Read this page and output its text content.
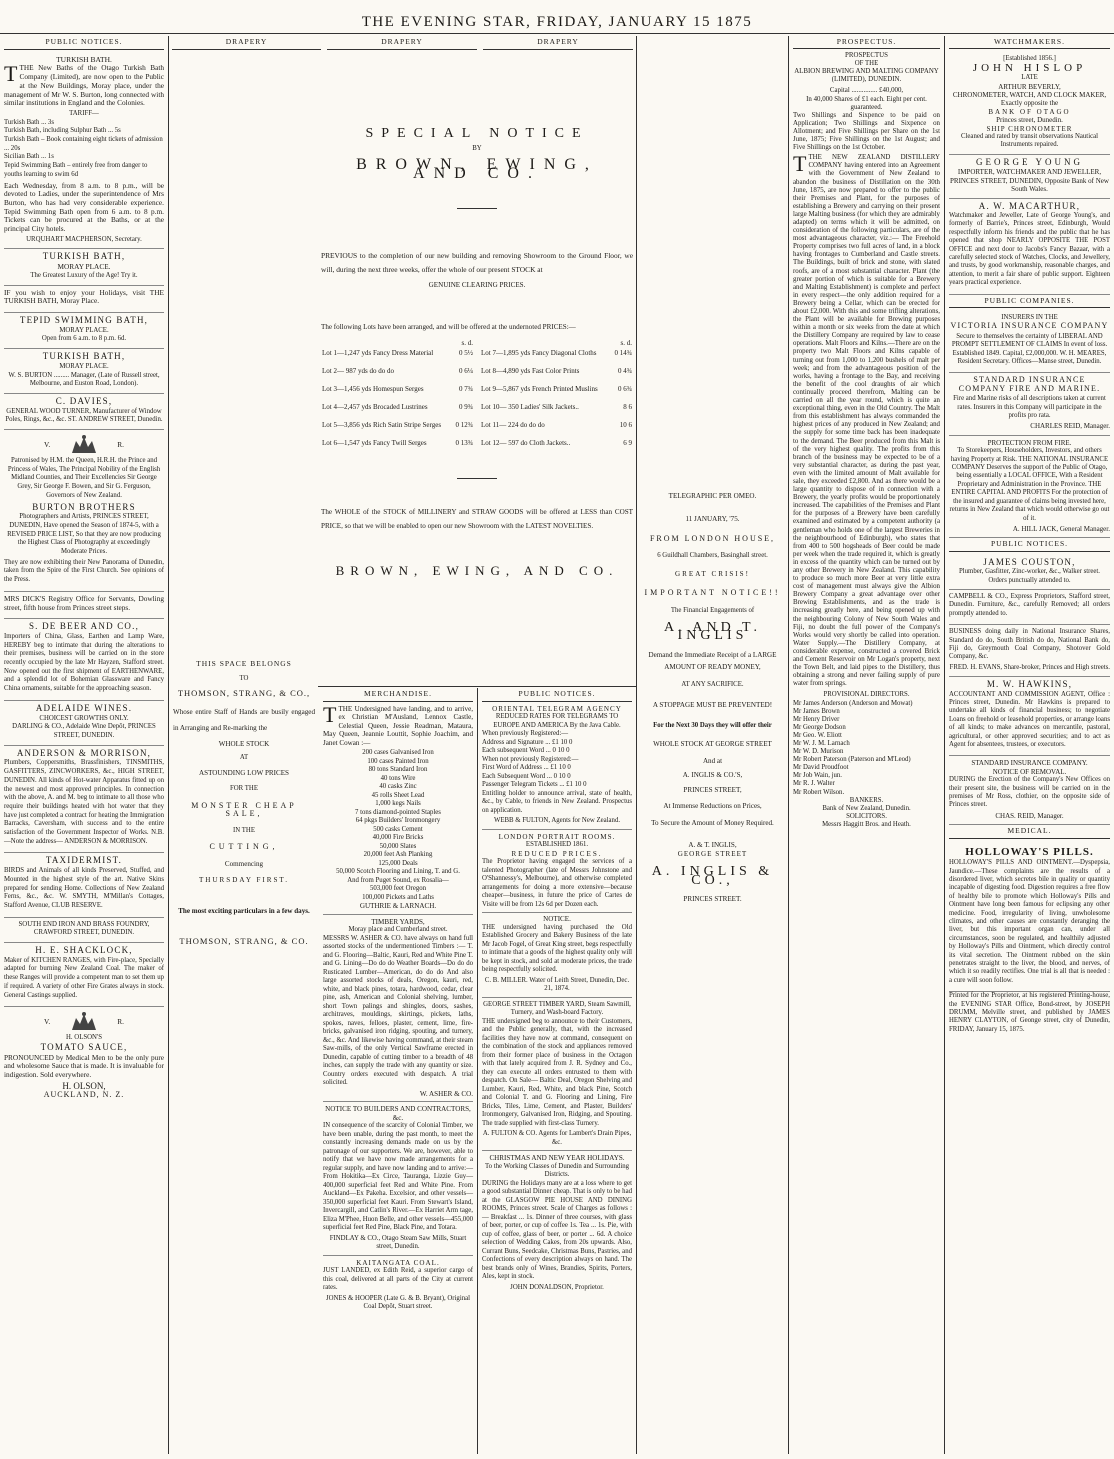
THE EVENING STAR, FRIDAY, JANUARY 15 1875
PUBLIC NOTICES.
TURKISH BATH.

TTHE New Baths of the Otago Turkish Bath Company (Limited), are now open to the Public at the New Buildings, Moray place, under the management of Mr W. S. Burton, long connected with similar institutions in England and the Colonies.

TARIFF—
Turkish Bath ... 3s
Turkish Bath, including Sulphur Bath ... 5s
Turkish Bath – Book containing eight tickets of admission ... 20s
Sicilian Bath ... 1s
Tepid Swimming Bath – entirely free from danger to youths learning to swim 6d

Each Wednesday, from 8 a.m. to 8 p.m., will be devoted to Ladies, under the superintendence of Mrs Burton, who has had very considerable experience. Tepid Swimming Bath open from 6 a.m. to 8 p.m. Tickets can be procured at the Baths, or at the principal City hotels.

URQUHART MACPHERSON, Secretary.
TURKISH BATH,
MORAY PLACE.
The Greatest Luxury of the Age! Try it.

IF you wish to enjoy your Holidays, visit THE TURKISH BATH, Moray Place.

TEPID SWIMMING BATH,
MORAY PLACE.
Open from 6 a.m. to 8 p.m. 6d.
TURKISH BATH,
MORAY PLACE.
W. S. BURTON ......... Manager, (Late of Russell street, Melbourne, and Euston Road, London).
C. DAVIES,
GENERAL WOOD TURNER, Manufacturer of Window Poles, Rings, &c., &c. ST. ANDREW STREET, Dunedin.
V.	R.

Patronised by H.M. the Queen, H.R.H. the Prince and Princess of Wales, The Principal Nobility of the English Midland Counties, and Their Excellencies Sir George Grey, Sir George F. Bowen, and Sir G. Ferguson, Governors of New Zealand.

BURTON BROTHERS

Photographers and Artists, PRINCES STREET, DUNEDIN, Have opened the Season of 1874-5, with a REVISED PRICE LIST, So that they are now producing the Highest Class of Photography at exceedingly Moderate Prices.

They are now exhibiting their New Panorama of Dunedin, taken from the Spire of the First Church. See opinions of the Press.

MRS DICK'S Registry Office for Servants, Dowling street, fifth house from Princes street steps.

S. DE BEER AND CO.,

Importers of China, Glass, Earthen and Lamp Ware, HEREBY beg to intimate that during the alterations to their premises, business will be carried on in the store recently occupied by the late Mr Hayzen, Stafford street. Now opened out the first shipment of EARTHENWARE, and a splendid lot of Bohemian Glassware and Fancy China ornaments, suitable for the approaching season.

ADELAIDE WINES.
CHOICEST GROWTHS ONLY.
DARLING & CO., Adelaide Wine Depôt, PRINCES STREET, DUNEDIN.
ANDERSON & MORRISON,

Plumbers, Coppersmiths, Brassfinishers, TINSMITHS, GASFITTERS, ZINCWORKERS, &c., HIGH STREET, DUNEDIN. All kinds of Hot-water Apparatus fitted up on the newest and most approved principles. In connection with the above, A. and M. beg to intimate to all those who require their buildings heated with hot water that they have just completed a contract for heating the Immigration Barracks, Caversham, with success and to the entire satisfaction of the Government Inspector of Works. N.B.—Note the address— ANDERSON & MORRISON.

TAXIDERMIST.

BIRDS and Animals of all kinds Preserved, Stuffed, and Mounted in the highest style of the art. Native Skins prepared for sending Home. Collections of New Zealand Ferns, &c., &c. W. SMYTH, M'Millan's Cottages, Stafford Avenue, CLUB RESERVE.

SOUTH END IRON AND BRASS FOUNDRY,
CRAWFORD STREET, DUNEDIN.
H. E. SHACKLOCK,

Maker of KITCHEN RANGES, with Fire-place, Specially adapted for burning New Zealand Coal. The maker of these Ranges will provide a competent man to set them up if required. A variety of other Fire Grates always in stock. General Castings supplied.

V.	R.
H. OLSON'S
TOMATO SAUCE,

PRONOUNCED by Medical Men to be the only pure and wholesome Sauce that is made. It is invaluable for indigestion. Sold everywhere.

H. OLSON,
AUCKLAND, N. Z.
DRAPERY	DRAPERY	DRAPERY
SPECIAL NOTICE
BY
BROWN, EWING, AND CO.

PREVIOUS to the completion of our new building and removing Showroom to the Ground Floor, we will, during the next three weeks, offer the whole of our present STOCK at

GENUINE CLEARING PRICES.

The following Lots have been arranged, and will be offered at the undernoted PRICES:—

	s. d.
Lot 1—1,247 yds Fancy Dress Material	0 5½
Lot 2— 987 yds do do do	0 6¼
Lot 3—1,456 yds Homespun Serges	0 7¾
Lot 4—2,457 yds Brocaded Lustrines	0 9¾
Lot 5—3,856 yds Rich Satin Stripe Serges	0 12¾
Lot 6—1,547 yds Fancy Twill Serges	0 13¾
	s. d.
Lot 7—1,895 yds Fancy Diagonal Cloths	0 14¾
Lot 8—4,890 yds Fast Color Prints	0 4¾
Lot 9—5,867 yds French Printed Muslins	0 6¾
Lot 10— 350 Ladies' Silk Jackets..	8 6
Lot 11— 224 do do do	10 6
Lot 12— 597 do Cloth Jackets..	6 9

The WHOLE of the STOCK of MILLINERY and STRAW GOODS will be offered at LESS than COST PRICE, so that we will be enabled to open our new Showroom with the LATEST NOVELTIES.

BROWN, EWING, AND CO.
THIS SPACE BELONGS
TO
THOMSON, STRANG, & CO.,

Whose entire Staff of Hands are busily engaged in Arranging and Re-marking the

WHOLE STOCK
AT
ASTOUNDING LOW PRICES
FOR THE
MONSTER CHEAP SALE,
IN THE
CUTTING,
Commencing
THURSDAY FIRST.
The most exciting particulars in a few days.
THOMSON, STRANG, & CO.
MERCHANDISE.

TTHE Undersigned have landing, and to arrive, ex Christian M'Ausland, Lennox Castle, Celestial Queen, Jessie Readman, Mataura, May Queen, Jeannie Louttit, Sophie Joachim, and Janet Cowan :—

200 cases Galvanised Iron
100 cases Painted Iron
80 tons Standard Iron
40 tons Wire
40 casks Zinc
45 rolls Sheet Lead
1,000 kegs Nails
7 tons diamond-pointed Staples
64 pkgs Builders' Ironmongery
500 casks Cement
40,000 Fire Bricks
50,000 Slates
20,000 feet Ash Planking
125,000 Deals
50,000 Scotch Flooring and Lining, T. and G.
And from Puget Sound, ex Rosalia—
503,000 feet Oregon
100,000 Pickets and Laths
GUTHRIE & LARNACH.
TIMBER YARDS,
Moray place and Cumberland street.

MESSRS W. ASHER & CO. have always on hand full assorted stocks of the undermentioned Timbers :— T. and G. Flooring—Baltic, Kauri, Red and White Pine T. and G. Lining—Do do do Weather Boards—Do do do Rusticated Lumber—American, do do do And also large assorted stocks of deals, Oregon, kauri, red, white, and black pines, totara, hardwood, cedar, clear pine, ash, American and Colonial shelving, lumber, short Town palings and shingles, doors, sashes, architraves, mouldings, skirtings, pickets, laths, spokes, naves, felloes, plaster, cement, lime, fire-bricks, galvanised iron ridging, spouting, and turnery, &c., &c. And likewise having command, at their steam Saw-mills, of the only Vertical Sawframe erected in Dunedin, capable of cutting timber to a breadth of 48 inches, can supply the trade with any quantity or size. Country orders executed with despatch. A trial solicited.

W. ASHER & CO.
NOTICE TO BUILDERS AND CONTRACTORS, &c.

IN consequence of the scarcity of Colonial Timber, we have been unable, during the past month, to meet the constantly increasing demands made on us by the patronage of our supporters. We are, however, able to notify that we have now made arrangements for a regular supply, and have now landing and to arrive:— From Hokitika—Ex Circe, Tauranga, Lizzie Guy—400,000 superficial feet Red and White Pine. From Auckland—Ex Pakeha. Excelsior, and other vessels—350,000 superficial feet Kauri. From Stewart's Island, Invercargill, and Catlin's River.—Ex Harriet Arm tage, Eliza M'Phee, Huon Belle, and other vessels—455,000 superficial feet Red Pine, Black Pine, and Totara.

FINDLAY & CO., Otago Steam Saw Mills, Stuart street, Dunedin.
KAITANGATA COAL.

JUST LANDED, ex Edith Reid, a superior cargo of this coal, delivered at all parts of the City at current rates.

JONES & HOOPER (Late G. & B. Bryant), Original Coal Depôt, Stuart street.
PUBLIC NOTICES.
ORIENTAL TELEGRAM AGENCY
REDUCED RATES FOR TELEGRAMS TO EUROPE AND AMERICA By the Java Cable.
When previously Registered:—
Address and Signature ... £1 10 0
Each subsequent Word ... 0 10 0
When not previously Registered:—
First Word of Address ... £1 10 0
Each Subsequent Word ... 0 10 0
Passenger Telegram Tickets ... £1 10 0

Entitling holder to announce arrival, state of health, &c., by Cable, to friends in New Zealand. Prospectus on application.

WEBB & FULTON, Agents for New Zealand.
LONDON PORTRAIT ROOMS.
ESTABLISHED 1861.
REDUCED PRICES.

The Proprietor having engaged the services of a talented Photographer (late of Messrs Johnstone and O'Shannessy's, Melbourne), and otherwise completed arrangements for doing a more extensive—because cheaper—business, in future the price of Cartes de Visite will be from 12s 6d per Dozen each.

NOTICE.

THE undersigned having purchased the Old Established Grocery and Bakery Business of the late Mr Jacob Fogel, of Great King street, begs respectfully to intimate that a goods of the highest quality only will be kept in stock, and sold at moderate prices, the trade being respectfully solicited.

C. B. MILLER. Water of Leith Street, Dunedin, Dec. 21, 1874.
GEORGE STREET TIMBER YARD, Steam Sawmill, Turnery, and Wash-board Factory.

THE undersigned beg to announce to their Customers, and the Public generally, that, with the increased facilities they have now at command, consequent on the combination of the stock and appliances removed from their former place of business in the Octagon with that lately acquired from J. R. Sydney and Co., they can execute all orders entrusted to them with despatch. On Sale— Baltic Deal, Oregon Shelving and Lumber, Kauri, Red, White, and black Pine, Scotch and Colonial T. and G. Flooring and Lining, Fire Bricks, Tiles, Lime, Cement, and Plaster, Builders' Ironmongery, Galvanised Iron, Ridging, and Spouting. The trade supplied with first-class Turnery.

A. FULTON & CO. Agents for Lambert's Drain Pipes, &c.
CHRISTMAS AND NEW YEAR HOLIDAYS.
To the Working Classes of Dunedin and Surrounding Districts.

DURING the Holidays many are at a loss where to get a good substantial Dinner cheap. That is only to be had at the GLASGOW PIE HOUSE AND DINING ROOMS, Princes street. Scale of Charges as follows :— Breakfast ... 1s. Dinner of three courses, with glass of beer, porter, or cup of coffee 1s. Tea ... 1s. Pie, with cup of coffee, glass of beer, or porter ... 6d. A choice selection of Wedding Cakes, from 20s upwards. Also, Currant Buns, Seedcake, Christmas Buns, Pastries, and Confections of every description always on hand. The best brands only of Wines, Brandies, Spirits, Porters, Ales, kept in stock.

JOHN DONALDSON, Proprietor.
TELEGRAPHIC PER OMEO.
11 JANUARY, '75.
FROM LONDON HOUSE,
6 Guildhall Chambers, Basinghall street.
GREAT CRISIS!
IMPORTANT NOTICE!!
The Financial Engagements of
A. AND T. INGLIS
Demand the Immediate Receipt of a LARGE AMOUNT OF READY MONEY,
AT ANY SACRIFICE.
A STOPPAGE MUST BE PREVENTED!
For the Next 30 Days they will offer their
WHOLE STOCK AT GEORGE STREET
And at
A. INGLIS & CO.'S,
PRINCES STREET,
At Immense Reductions on Prices,
To Secure the Amount of Money Required.
A. & T. INGLIS,
GEORGE STREET
A. INGLIS & CO.,
PRINCES STREET.
PROSPECTUS.
PROSPECTUS
OF THE
ALBION BREWING AND MALTING COMPANY (LIMITED), DUNEDIN.
Capital ............... £40,000,
In 40,000 Shares of £1 each. Eight per cent. guaranteed.

Two Shillings and Sixpence to be paid on Application; Two Shillings and Sixpence on Allotment; and Five Shillings per Share on the 1st June, 1875; Five Shillings on the 1st August; and Five Shillings on the 1st October.

TTHE NEW ZEALAND DISTILLERY COMPANY having entered into an Agreement with the Government of New Zealand to abandon the business of Distillation on the 30th June, 1875, are now prepared to offer to the public their Premises and Plant, for the purposes of establishing a Brewery and carrying on their present large Malting business (for which they are admirably adapted) on terms which it will be admitted, on consideration of the following particulars, are of the most advantageous character, viz.:— The Freehold Property comprises two full acres of land, in a block having frontages to Cumberland and Castle streets. The Buildings, built of brick and stone, with slated roofs, are of a most substantial character. Plant (the greater portion of which is suitable for a Brewery and Malting Establishment) is complete and perfect in every respect—the only addition required for a Brewery being a Cellar, which can be erected for about £2,000. With this and some trifling alterations, the Plant will be available for Brewing purposes within a month or six weeks from the date at which the Distillery Company are required by law to cease operations. Malt Floors and Kilns.—There are on the property two Malt Floors and Kilns capable of turning out from 1,000 to 1,200 bushels of malt per week; and from the advantageous position of the works, having a frontage to the Bay, and receiving the benefit of the cool draughts of air which continually proceed therefrom, Malting can be carried on all the year round, which is quite an exceptional thing, even in the Old Country. The Malt from this establishment has always commanded the highest prices of any produced in New Zealand; and the supply for some time back has been inadequate to the demand. The Beer produced from this Malt is of the very highest quality. The profits from this branch of the business may be expected to be of a very substantial character, as during the past year, even with the limited amount of Malt available for sale, they exceeded £2,800. And as there would be a large quantity to dispose of in connection with a Brewery, the yearly profits would be proportionately increased. The capabilities of the Premises and Plant for the purposes of a Brewery have been carefully examined and estimated by a competent authority (a gentleman who holds one of the largest Breweries in the neighbourhood of Edinburgh), who states that from 400 to 500 hogsheads of Beer could be made per week when the trade required it, which is greatly in excess of the quantity which can be turned out by any other Brewery in New Zealand. This capability to produce so much more Beer at very little extra cost of management must always give the Albion Brewery Company a great advantage over other Brewing Establishments, and as the trade is increasing greatly here, and being opened up with the neighbouring Colony of New South Wales and Fiji, no doubt the full power of the Company's Works would very shortly be called into operation. Water Supply.—The Distillery Company, at considerable expense, constructed a covered Brick and Cement Reservoir on Mr Logan's property, next the Town Belt, and laid pipes to the Distillery, thus obtaining a strong and never failing supply of pure water from springs.

PROVISIONAL DIRECTORS.
Mr James Anderson (Anderson and Mowat)
Mr James Brown
Mr Henry Driver
Mr George Dodson
Mr Geo. W. Eliott
Mr W. J. M. Larnach
Mr W. D. Murison
Mr Robert Paterson (Paterson and M'Leod)
Mr David Proudfoot
Mr Job Wain, jun.
Mr R. J. Walter
Mr Robert Wilson.
BANKERS.
Bank of New Zealand, Dunedin.
SOLICITORS.
Messrs Haggitt Bros. and Heath.
WATCHMAKERS.
[Established 1856.]
JOHN HISLOP
LATE
ARTHUR BEVERLY,
CHRONOMETER, WATCH, AND CLOCK MAKER, Exactly opposite the
BANK OF OTAGO
Princes street, Dunedin.
SHIP CHRONOMETER
Cleaned and rated by transit observations Nautical Instruments repaired.
GEORGE YOUNG
IMPORTER, WATCHMAKER AND JEWELLER, PRINCES STREET, DUNEDIN, Opposite Bank of New South Wales.
A. W. MACARTHUR,

Watchmaker and Jeweller, Late of George Young's, and formerly of Barrie's, Princes street, Edinburgh, Would respectfully inform his friends and the public that he has opened that shop NEARLY OPPOSITE THE POST OFFICE and next door to Jacobs's Fancy Bazaar, with a carefully selected stock of Watches, Clocks, and Jewellery, and trusts, by good workmanship, reasonable charges, and attention, to merit a fair share of public support. Eighteen years practical experience.

PUBLIC COMPANIES.
INSURERS IN THE
VICTORIA INSURANCE COMPANY

Secure to themselves the certainty of LIBERAL AND PROMPT SETTLEMENT OF CLAIMS In event of loss. Established 1849. Capital, £2,000,000. W. H. MEARES, Resident Secretary. Offices—Manse street, Dunedin.

STANDARD INSURANCE COMPANY FIRE AND MARINE.

Fire and Marine risks of all descriptions taken at current rates. Insurers in this Company will participate in the profits pro rata.

CHARLES REID, Manager.
PROTECTION FROM FIRE.

To Storekeepers, Householders, Investors, and others having Property at Risk. THE NATIONAL INSURANCE COMPANY Deserves the support of the Public of Otago, being essentially a LOCAL OFFICE, With a Resident Proprietary and Administration in the Province. THE ENTIRE CAPITAL AND PROFITS For the protection of the insured and guarantee of claims being invested here, returns in New Zealand that which would otherwise go out of it.

A. HILL JACK, General Manager.
PUBLIC NOTICES.
JAMES COUSTON,
Plumber, Gasfitter, Zinc-worker, &c., Walker street. Orders punctually attended to.

CAMPBELL & CO., Express Proprietors, Stafford street, Dunedin. Furniture, &c., carefully Removed; all orders promptly attended to.

BUSINESS doing daily in National Insurance Shares, Standard do do, South British do do, National Bank do, Fiji do, Greymouth Coal Company, Shotover Gold Company, &c.

FRED. H. EVANS, Share-broker, Princes and High streets.
M. W. HAWKINS,

ACCOUNTANT AND COMMISSION AGENT, Office : Princes street, Dunedin. Mr Hawkins is prepared to undertake all kinds of financial business; to negotiate Loans on freehold or leasehold properties, or arrange loans of all kinds; to make advances on mercantile, pastoral, agricultural, or other approved securities; and to act as Agent for absentees, trustees, or executors.

STANDARD INSURANCE COMPANY.
NOTICE OF REMOVAL.

DURING the Erection of the Company's New Offices on their present site, the business will be carried on in the premises of Mr Ross, clothier, on the opposite side of Princes street.

CHAS. REID, Manager.
MEDICAL.
HOLLOWAY'S PILLS.

HOLLOWAY'S PILLS AND OINTMENT.—Dyspepsia, Jaundice.—These complaints are the results of a disordered liver, which secretes bile in quality or quantity incapable of digesting food. Digestion requires a free flow of healthy bile to promote which Holloway's Pills and Ointment have long been famous for eclipsing any other medicine. Food, irregularity of living, unwholesome climates, and other causes are constantly deranging the liver, but this important organ can, under all circumstances, soon be regulated, and healthily adjusted by Holloway's Pills and Ointment, which directly control its vital secretion. The Ointment rubbed on the skin penetrates straight to the liver, the blood, and nerves, of which it so readily rectifies. One trial is all that is needed : a cure will soon follow.

Printed for the Proprietor, at his registered Printing-house, the EVENING STAR Office, Bond-street, by JOSEPH DRUMM, Melville street, and published by JAMES HENRY CLAYTON, of Geonge street, city of Dunedin, FRIDAY, January 15, 1875.
